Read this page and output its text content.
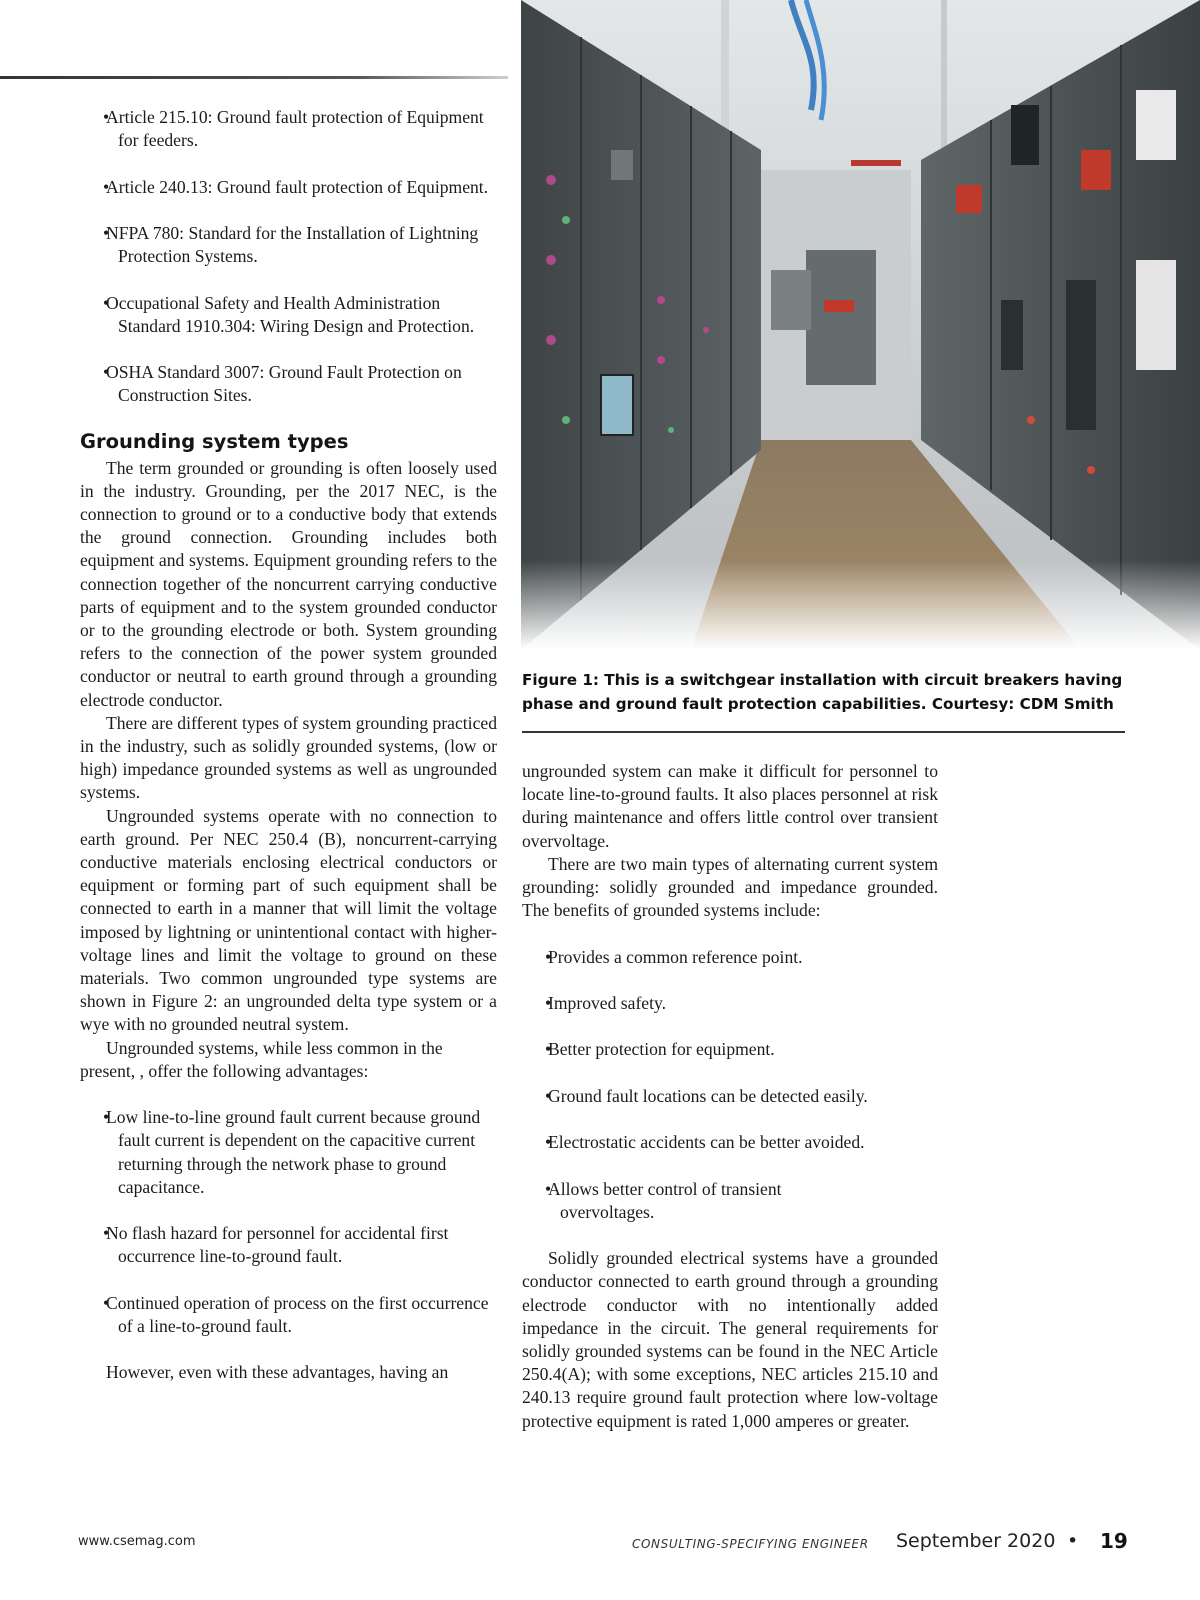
• Article 215.10: Ground fault protection of Equipment for feeders.
• Article 240.13: Ground fault protection of Equipment.
• NFPA 780: Standard for the Installation of Lightning Protection Systems.
• Occupational Safety and Health Administration Standard 1910.304: Wiring Design and Protection.
• OSHA Standard 3007: Ground Fault Protection on Construction Sites.
Grounding system types

The term grounded or grounding is often loosely used in the industry. Grounding, per the 2017 NEC, is the connection to ground or to a conductive body that extends the ground connection. Grounding includes both equipment and systems. Equipment grounding refers to the connection together of the noncurrent carrying conductive parts of equipment and to the system grounded conductor or to the grounding electrode or both. System grounding refers to the connection of the power system grounded conductor or neutral to earth ground through a grounding electrode conductor.

There are different types of system grounding practiced in the industry, such as solidly grounded systems, (low or high) impedance grounded systems as well as ungrounded systems.

Ungrounded systems operate with no connection to earth ground. Per NEC 250.4 (B), noncurrent-carrying conductive materials enclosing electrical conductors or equipment or forming part of such equipment shall be connected to earth in a manner that will limit the voltage imposed by lightning or unintentional contact with higher-voltage lines and limit the voltage to ground on these materials. Two common ungrounded type systems are shown in Figure 2: an ungrounded delta type system or a wye with no grounded neutral system.

Ungrounded systems, while less common in the present, , offer the following advantages:

• Low line-to-line ground fault current because ground fault current is dependent on the capacitive current returning through the network phase to ground capacitance.
• No flash hazard for personnel for accidental first occurrence line-to-ground fault.
• Continued operation of process on the first occurrence of a line-to-ground fault.

However, even with these advantages, having an

Figure 1: This is a switchgear installation with circuit breakers having phase and ground fault protection capabilities. Courtesy: CDM Smith

ungrounded system can make it difficult for personnel to locate line-to-ground faults. It also places personnel at risk during maintenance and offers little control over transient overvoltage.

There are two main types of alternating current system grounding: solidly grounded and impedance grounded. The benefits of grounded systems include:

• Provides a common reference point.
• Improved safety.
• Better protection for equipment.
• Ground fault locations can be detected easily.
• Electrostatic accidents can be better avoided.
• Allows better control of transient overvoltages.

Solidly grounded electrical systems have a grounded conductor connected to earth ground through a grounding electrode conductor with no intentionally added impedance in the circuit. The general requirements for solidly grounded systems can be found in the NEC Article 250.4(A); with some exceptions, NEC articles 215.10 and 240.13 require ground fault protection where low-voltage protective equipment is rated 1,000 amperes or greater.

www.csemag.com	CONSULTING-SPECIFYING ENGINEER September 2020 • 19
